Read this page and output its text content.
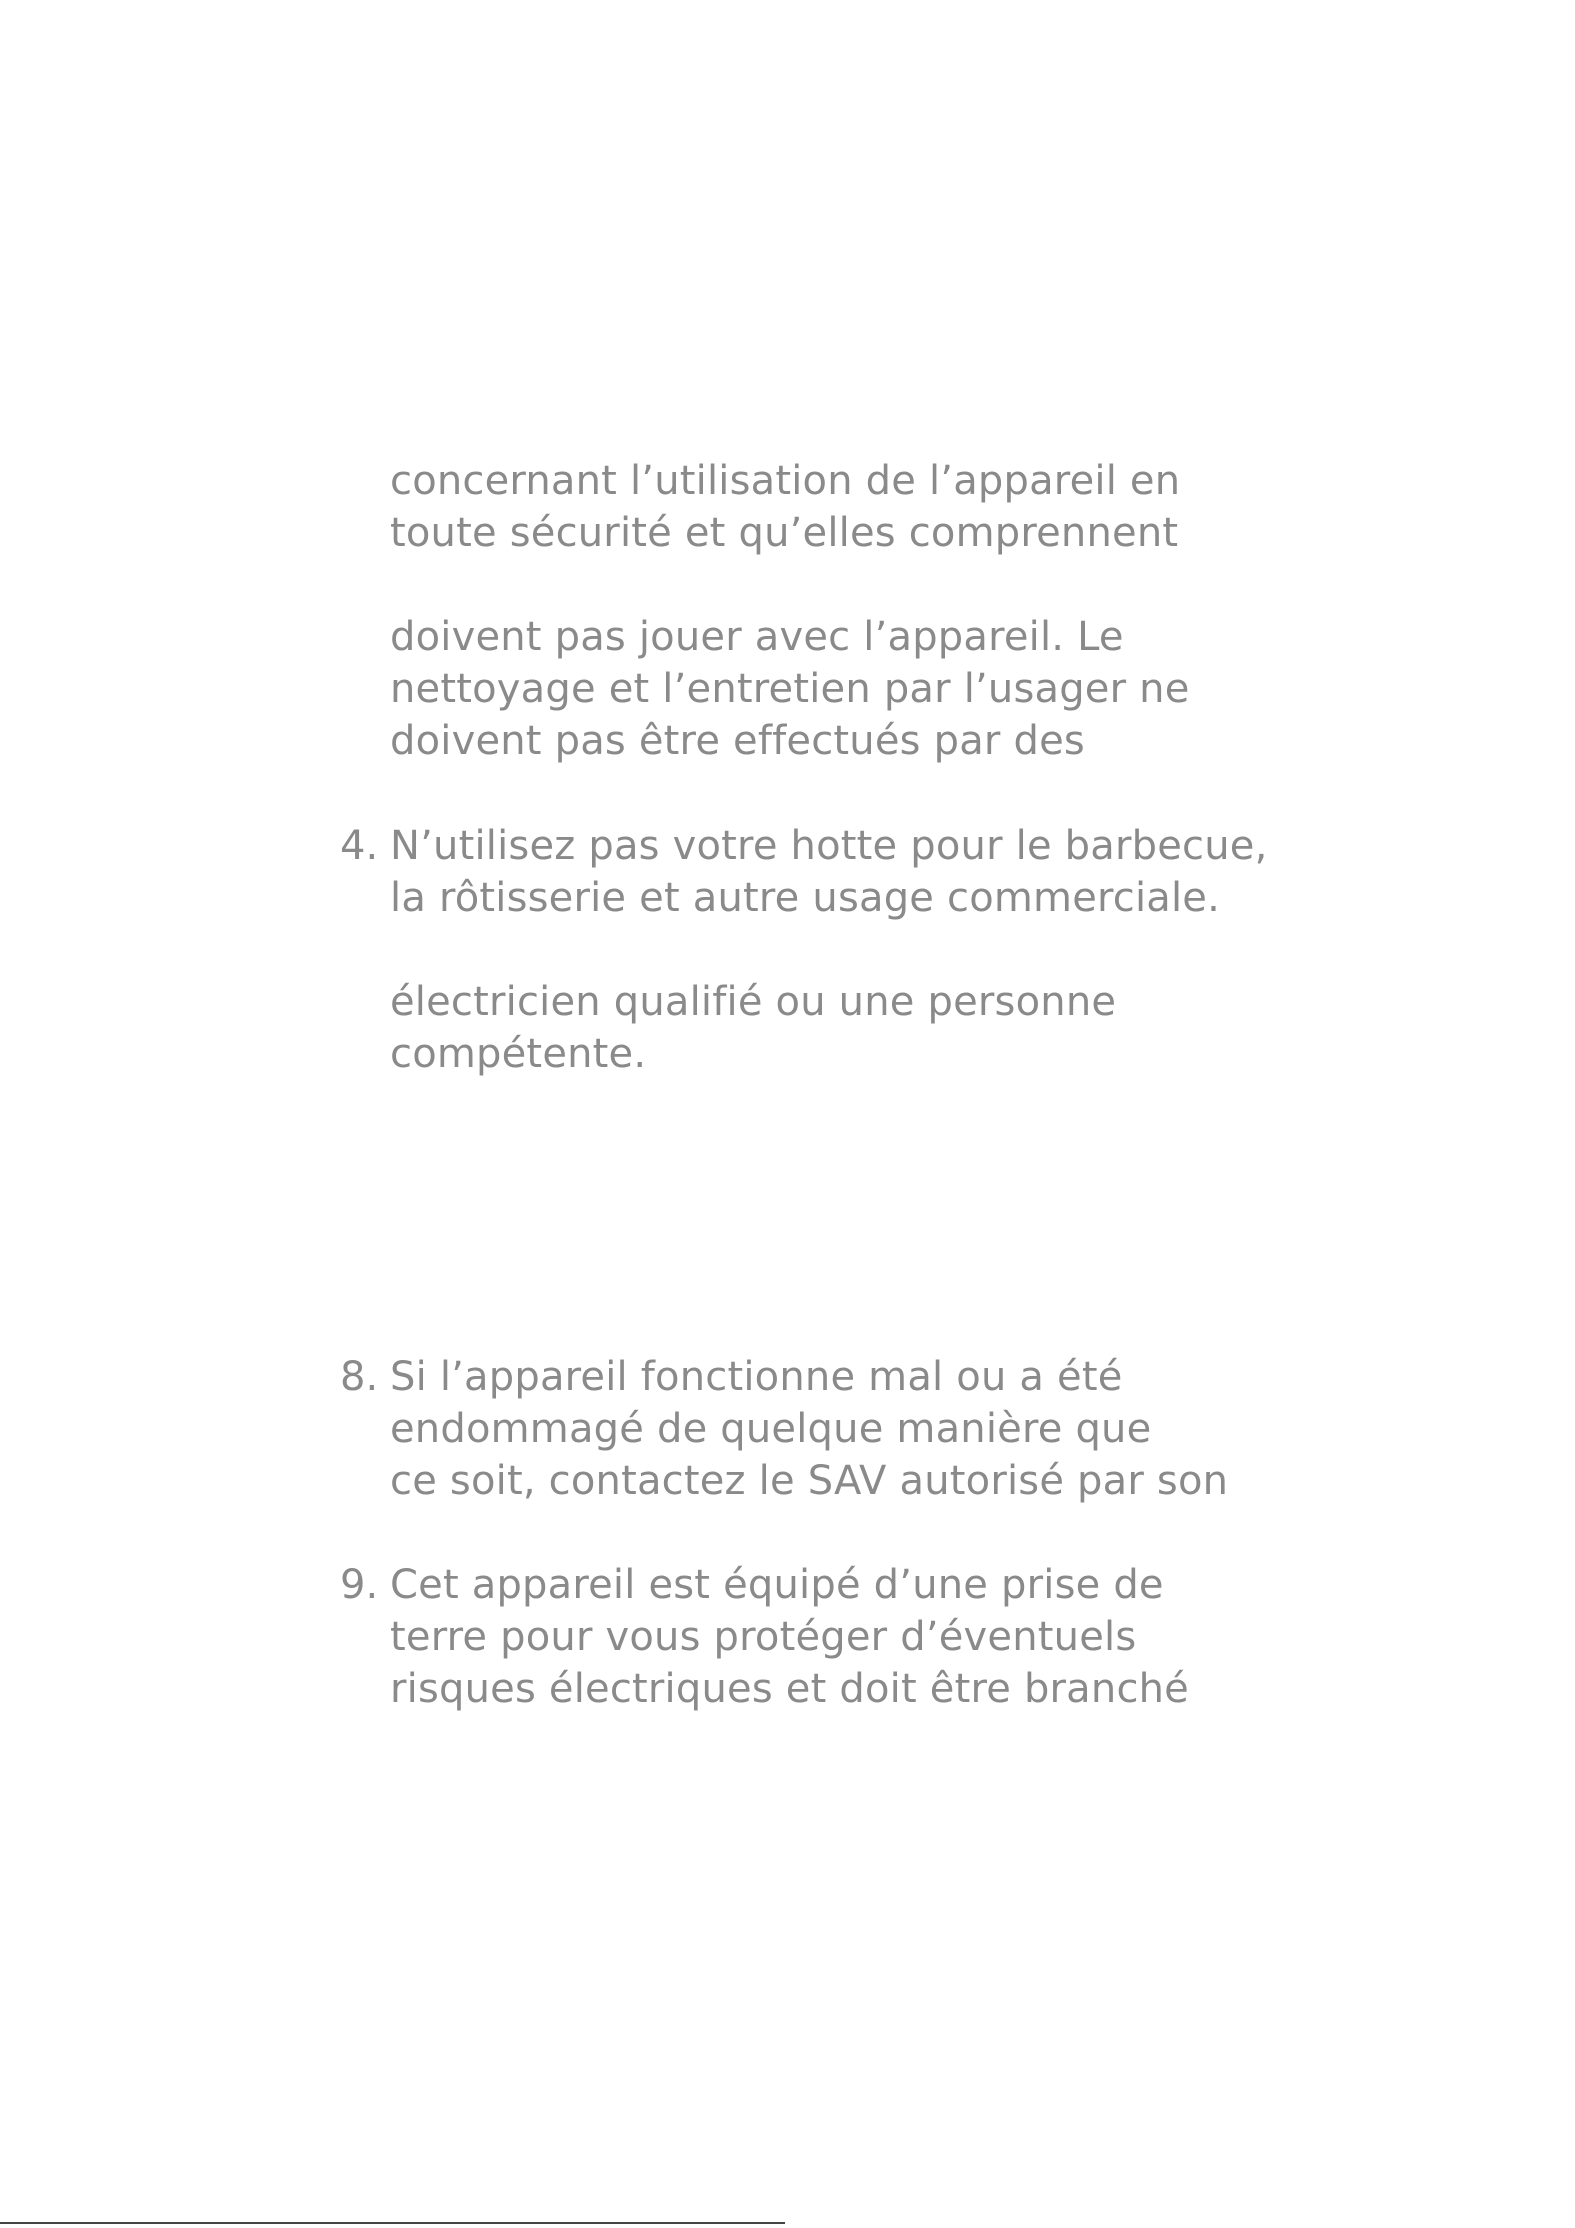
concernant l’utilisation de l’appareil en
toute sécurité et qu’elles comprennent
doivent pas jouer avec l’appareil. Le
nettoyage et l’entretien par l’usager ne
doivent pas être effectués par des
4. N’utilisez pas votre hotte pour le barbecue,
la rôtisserie et autre usage commerciale.
électricien qualifié ou une personne
compétente.
8. Si l’appareil fonctionne mal ou a été
endommagé de quelque manière que
ce soit, contactez le SAV autorisé par son
9. Cet appareil est équipé d’une prise de
terre pour vous protéger d’éventuels
risques électriques et doit être branché
